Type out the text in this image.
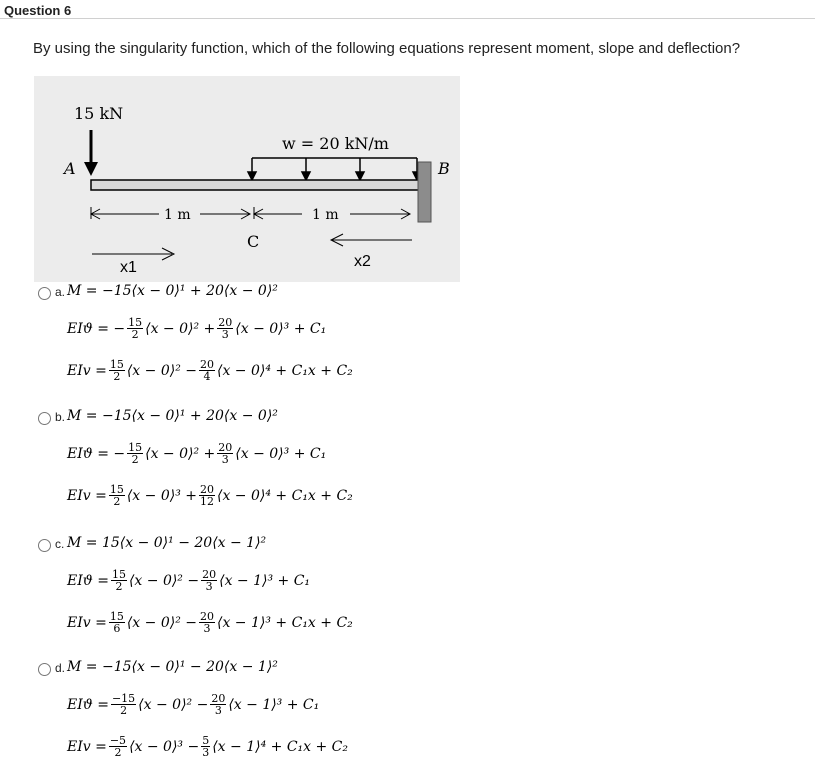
Question 6
By using the singularity function, which of the following equations represent moment, slope and deflection?
15 kN
A
w = 20 kN/m
B
1 m	1 m
C
x1	x2
a. M = −15⟨x − 0⟩¹ + 20⟨x − 0⟩²
EIϑ = − $\frac{15}{2}$ ⟨x − 0⟩² + $\frac{20}{3}$ ⟨x − 0⟩³ + C₁
EIv = $\frac{15}{2}$ ⟨x − 0⟩² − $\frac{20}{4}$ ⟨x − 0⟩⁴ + C₁x + C₂
b. M = −15⟨x − 0⟩¹ + 20⟨x − 0⟩²
EIϑ = − $\frac{15}{2}$ ⟨x − 0⟩² + $\frac{20}{3}$ ⟨x − 0⟩³ + C₁
EIv = $\frac{15}{2}$ ⟨x − 0⟩³ + $\frac{20}{12}$ ⟨x − 0⟩⁴ + C₁x + C₂
c. M = 15⟨x − 0⟩¹ − 20⟨x − 1⟩²
$EIϑ = \frac{15}{2}$ ⟨x − 0⟩² − $\frac{20}{3}$ ⟨x − 1⟩³ + C₁
EIv = $\frac{15}{6}$ ⟨x − 0⟩² − $\frac{20}{3}$ ⟨x − 1⟩³ + C₁x + C₂
d. M = −15⟨x − 0⟩¹ − 20⟨x − 1⟩²
$EIϑ = \frac{-15}{2}$ ⟨x − 0⟩² − $\frac{20}{3}$ ⟨x − 1⟩³ + C₁
EIv = $\frac{-5}{2}$ ⟨x − 0⟩³ − $\frac{5}{3}$ ⟨x − 1⟩⁴ + C₁x + C₂
